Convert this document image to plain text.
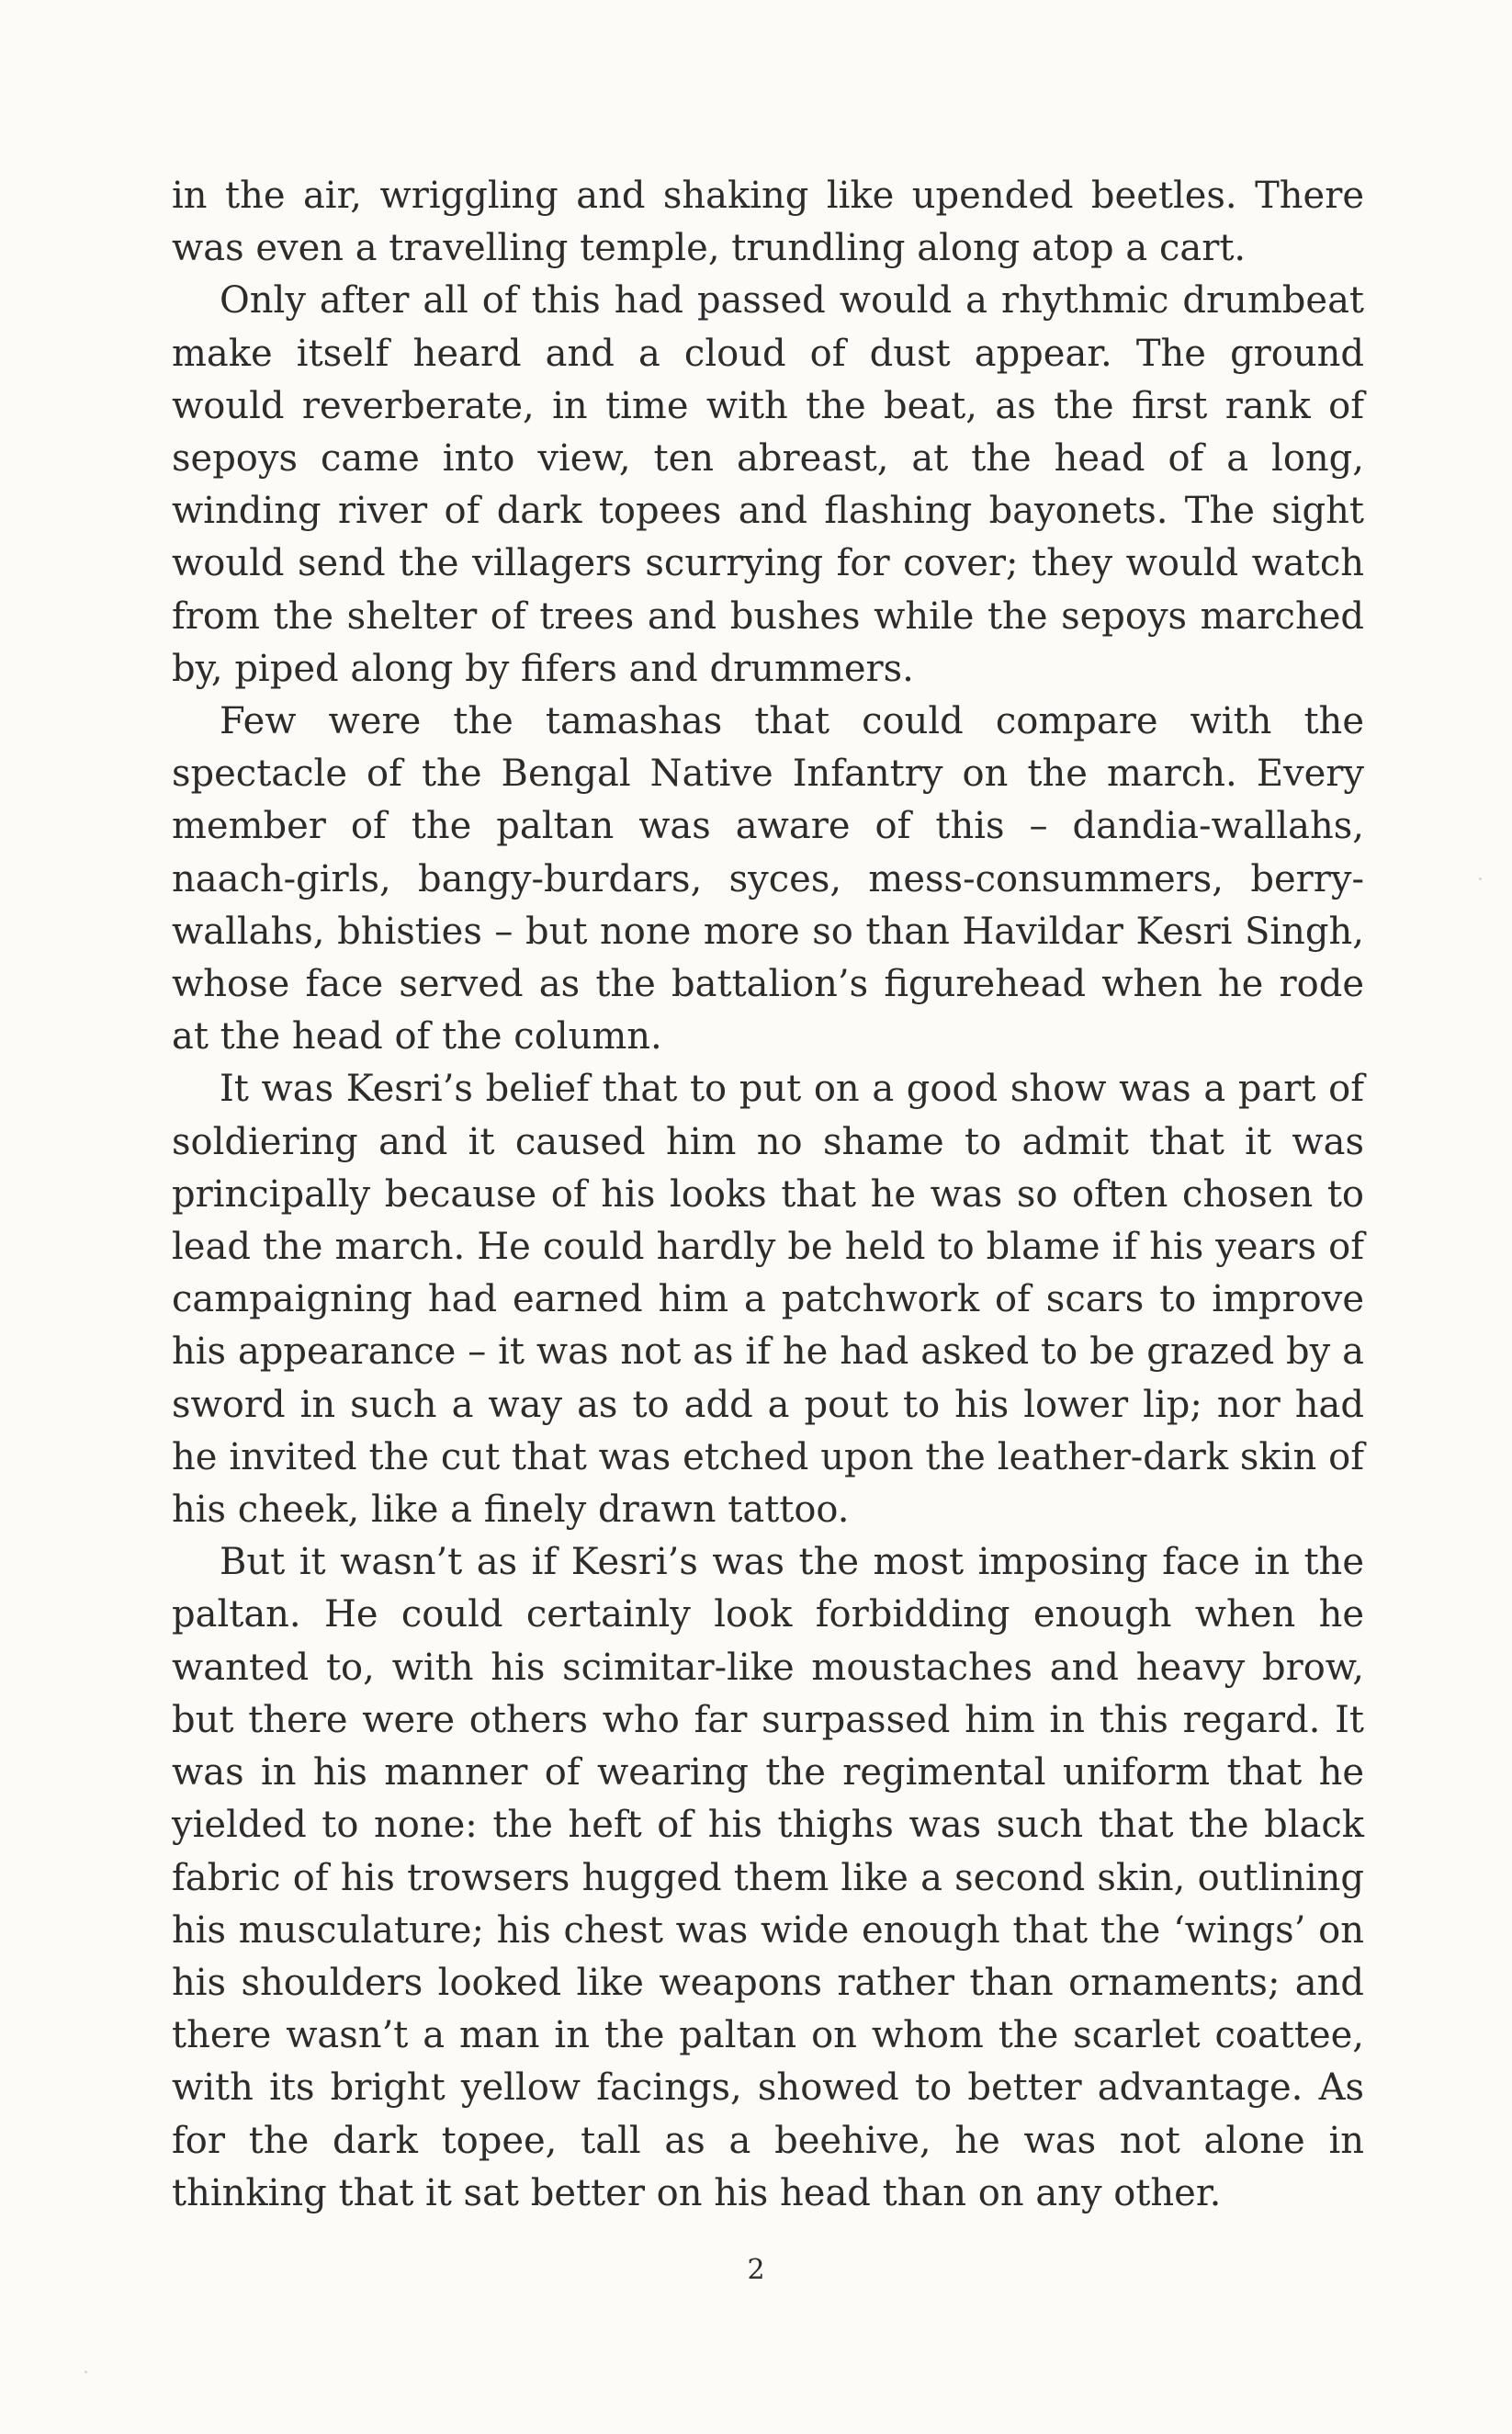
in the air, wriggling and shaking like upended beetles. There was even a travelling temple, trundling along atop a cart.

Only after all of this had passed would a rhythmic drumbeat make itself heard and a cloud of dust appear. The ground would reverberate, in time with the beat, as the first rank of sepoys came into view, ten abreast, at the head of a long, winding river of dark topees and flashing bayonets. The sight would send the villagers scurrying for cover; they would watch from the shelter of trees and bushes while the sepoys marched by, piped along by fifers and drummers.

Few were the tamashas that could compare with the spectacle of the Bengal Native Infantry on the march. Every member of the paltan was aware of this – dandia-wallahs, naach-girls, bangy-burdars, syces, mess-consummers, berry-wallahs, bhisties – but none more so than Havildar Kesri Singh, whose face served as the battalion’s figurehead when he rode at the head of the column.

It was Kesri’s belief that to put on a good show was a part of soldiering and it caused him no shame to admit that it was principally because of his looks that he was so often chosen to lead the march. He could hardly be held to blame if his years of campaigning had earned him a patchwork of scars to improve his appearance – it was not as if he had asked to be grazed by a sword in such a way as to add a pout to his lower lip; nor had he invited the cut that was etched upon the leather-dark skin of his cheek, like a finely drawn tattoo.

But it wasn’t as if Kesri’s was the most imposing face in the paltan. He could certainly look forbidding enough when he wanted to, with his scimitar-like moustaches and heavy brow, but there were others who far surpassed him in this regard. It was in his manner of wearing the regimental uniform that he yielded to none: the heft of his thighs was such that the black fabric of his trowsers hugged them like a second skin, outlining his musculature; his chest was wide enough that the ‘wings’ on his shoulders looked like weapons rather than ornaments; and there wasn’t a man in the paltan on whom the scarlet coattee, with its bright yellow facings, showed to better advantage. As for the dark topee, tall as a beehive, he was not alone in thinking that it sat better on his head than on any other.

2
